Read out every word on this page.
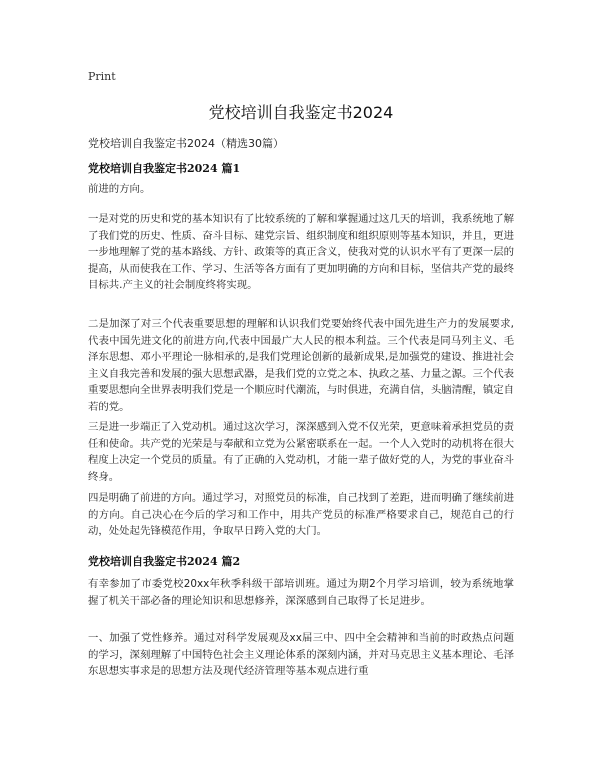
Print
党校培训自我鉴定书2024

党校培训自我鉴定书2024（精选30篇）

党校培训自我鉴定书2024 篇1

前进的方向。

一是对党的历史和党的基本知识有了比较系统的了解和掌握通过这几天的培训，我系统地了解了我们党的历史、性质、奋斗目标、建党宗旨、组织制度和组织原则等基本知识，并且，更进一步地理解了党的基本路线、方针、政策等的真正含义，使我对党的认识水平有了更深一层的提高，从而使我在工作、学习、生活等各方面有了更加明确的方向和目标，坚信共产党的最终目标共.产主义的社会制度终将实现。

二是加深了对三个代表重要思想的理解和认识我们党要始终代表中国先进生产力的发展要求,代表中国先进文化的前进方向,代表中国最广大人民的根本利益。三个代表是同马列主义、毛泽东思想、邓小平理论一脉相承的,是我们党理论创新的最新成果,是加强党的建设、推进社会主义自我完善和发展的强大思想武器，是我们党的立党之本、执政之基、力量之源。三个代表重要思想向全世界表明我们党是一个顺应时代潮流，与时俱进，充满自信，头脑清醒，镇定自若的党。

三是进一步端正了入党动机。通过这次学习，深深感到入党不仅光荣，更意味着承担党员的责任和使命。共产党的光荣是与奉献和立党为公紧密联系在一起。一个人入党时的动机将在很大程度上决定一个党员的质量。有了正确的入党动机，才能一辈子做好党的人，为党的事业奋斗终身。

四是明确了前进的方向。通过学习，对照党员的标准，自己找到了差距，进而明确了继续前进的方向。自己决心在今后的学习和工作中，用共产党员的标准严格要求自己，规范自己的行动，处处起先锋模范作用，争取早日跨入党的大门。

党校培训自我鉴定书2024 篇2

有幸参加了市委党校20xx年秋季科级干部培训班。通过为期2个月学习培训，较为系统地掌握了机关干部必备的理论知识和思想修养，深深感到自己取得了长足进步。

一、加强了党性修养。通过对科学发展观及xx届三中、四中全会精神和当前的时政热点问题的学习，深刻理解了中国特色社会主义理论体系的深刻内涵，并对马克思主义基本理论、毛泽东思想实事求是的思想方法及现代经济管理等基本观点进行重
